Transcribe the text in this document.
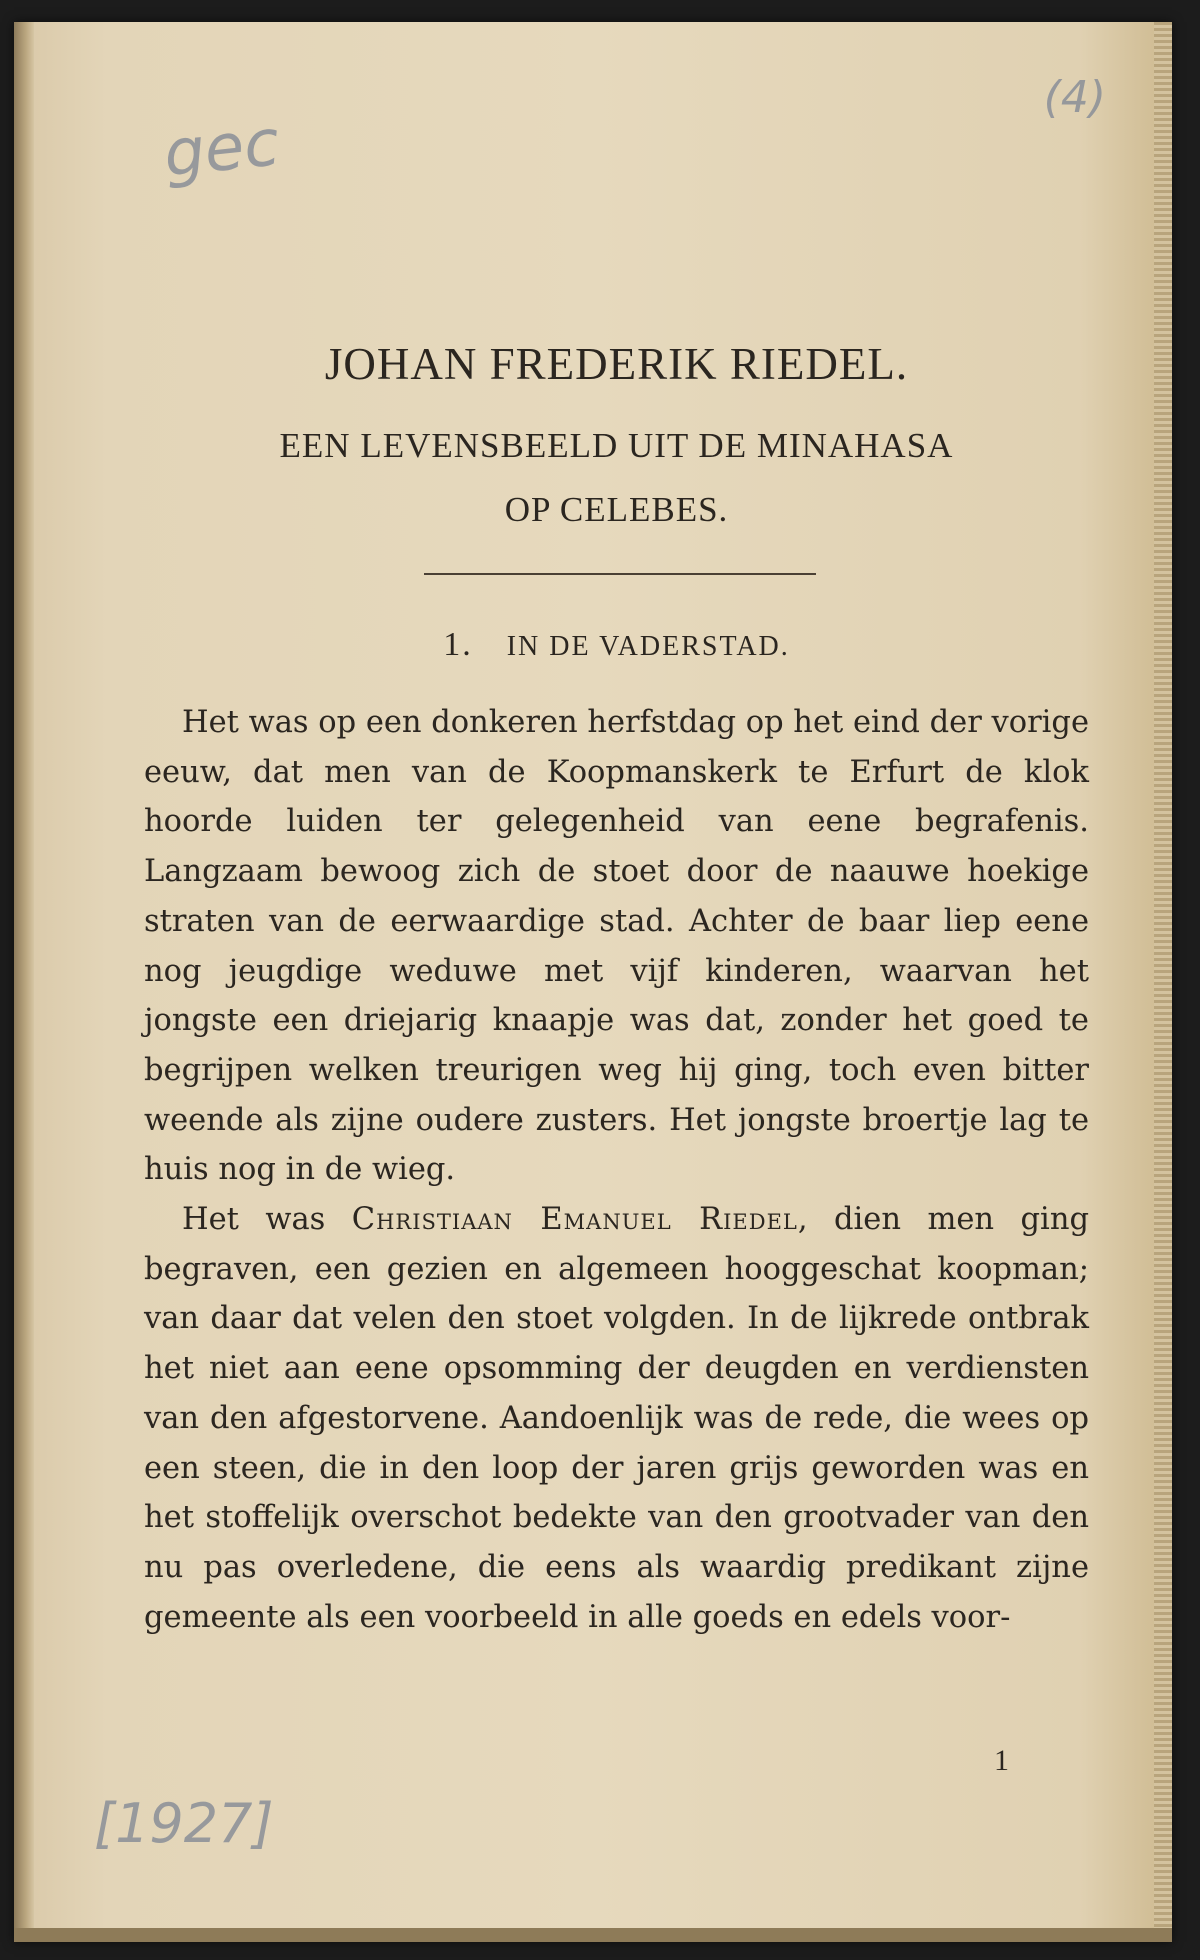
gec
(4)
[1927]
JOHAN FREDERIK RIEDEL.
EEN LEVENSBEELD UIT DE MINAHASA
OP CELEBES.
1. IN DE VADERSTAD.

Het was op een donkeren herfstdag op het eind der vorige eeuw, dat men van de Koopmanskerk te Erfurt de klok hoorde luiden ter gelegenheid van eene begrafenis. Langzaam bewoog zich de stoet door de naauwe hoekige straten van de eerwaardige stad. Achter de baar liep eene nog jeugdige weduwe met vijf kinderen, waarvan het jongste een driejarig knaapje was dat, zonder het goed te begrijpen welken treurigen weg hij ging, toch even bitter weende als zijne oudere zusters. Het jongste broertje lag te huis nog in de wieg.

Het was Christiaan Emanuel Riedel, dien men ging begraven, een gezien en algemeen hooggeschat koopman; van daar dat velen den stoet volgden. In de lijkrede ontbrak het niet aan eene opsomming der deugden en verdiensten van den afgestorvene. Aandoenlijk was de rede, die wees op een steen, die in den loop der jaren grijs geworden was en het stoffelijk overschot bedekte van den grootvader van den nu pas overledene, die eens als waardig predikant zijne gemeente als een voorbeeld in alle goeds en edels voor-

1
